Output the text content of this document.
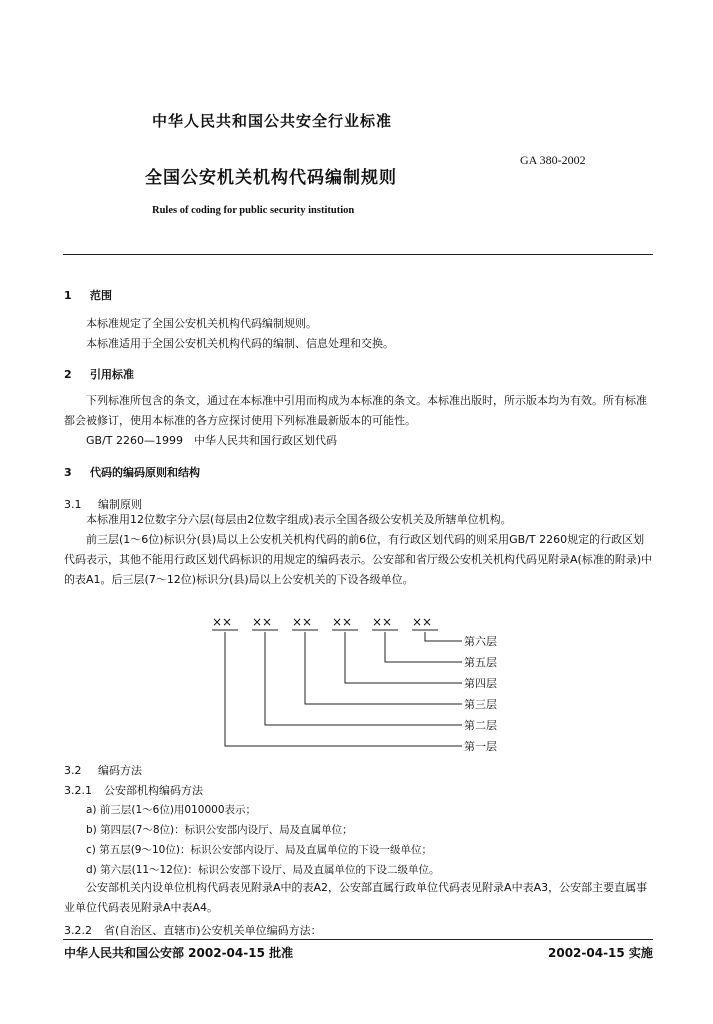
中华人民共和国公共安全行业标准
GA 380-2002
全国公安机关机构代码编制规则
Rules of coding for public security institution
1 范围

本标准规定了全国公安机关机构代码编制规则。

本标准适用于全国公安机关机构代码的编制、信息处理和交换。

2 引用标准

下列标准所包含的条文，通过在本标准中引用而构成为本标准的条文。本标准出版时，所示版本均为有效。所有标准都会被修订，使用本标准的各方应探讨使用下列标准最新版本的可能性。

GB/T 2260—1999　中华人民共和国行政区划代码

3 代码的编码原则和结构
3.1 编制原则

本标准用12位数字分六层(每层由2位数字组成)表示全国各级公安机关及所辖单位机构。

前三层(1～6位)标识分(县)局以上公安机关机构代码的前6位，有行政区划代码的则采用GB/T 2260规定的行政区划代码表示，其他不能用行政区划代码标识的用规定的编码表示。公安部和省厅级公安机关机构代码见附录A(标准的附录)中的表A1。后三层(7～12位)标识分(县)局以上公安机关的下设各级单位。

×× ×× ×× ×× ×× ××
第六层
第五层
第四层
第三层
第二层
第一层
3.2 编码方法
3.2.1 公安部机构编码方法
a) 前三层(1～6位)用010000表示；
b) 第四层(7～8位)：标识公安部内设厅、局及直属单位；
c) 第五层(9～10位)：标识公安部内设厅、局及直属单位的下设一级单位；
d) 第六层(11～12位)：标识公安部下设厅、局及直属单位的下设二级单位。

公安部机关内设单位机构代码表见附录A中的表A2，公安部直属行政单位代码表见附录A中表A3，公安部主要直属事业单位代码表见附录A中表A4。

3.2.2 省(自治区、直辖市)公安机关单位编码方法：
中华人民共和国公安部 2002-04-15 批准	2002-04-15 实施
